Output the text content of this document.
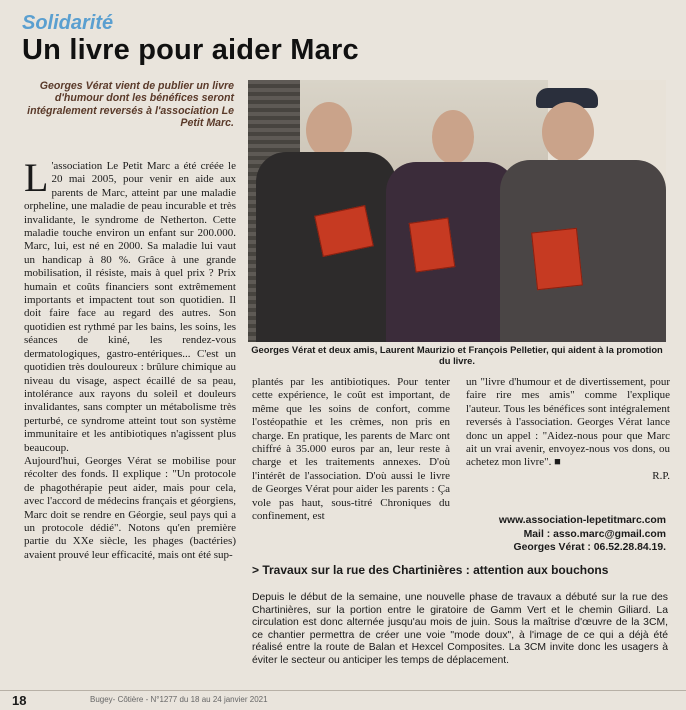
Solidarité
Un livre pour aider Marc
Georges Vérat vient de publier un livre d'humour dont les bénéfices seront intégralement reversés à l'association Le Petit Marc.
Georges Vérat et deux amis, Laurent Maurizio et François Pelletier, qui aident à la promotion du livre.
L 'association Le Petit Marc a été créée le 20 mai 2005, pour venir en aide aux parents de Marc, atteint par une maladie orpheline, une maladie de peau incurable et très invalidante, le syndrome de Netherton. Cette maladie touche environ un enfant sur 200.000. Marc, lui, est né en 2000. Sa maladie lui vaut un handicap à 80 %. Grâce à une grande mobilisation, il résiste, mais à quel prix ? Prix humain et coûts financiers sont extrêmement importants et impactent tout son quotidien. Il doit faire face au regard des autres. Son quotidien est rythmé par les bains, les soins, les séances de kiné, les rendez-vous dermatologiques, gastro-entériques... C'est un quotidien très douloureux : brûlure chimique au niveau du visage, aspect écaillé de sa peau, intolérance aux rayons du soleil et douleurs invalidantes, sans compter un métabolisme très perturbé, ce syndrome atteint tout son système immunitaire et les antibiotiques n'agissent plus beaucoup.

Aujourd'hui, Georges Vérat se mobilise pour récolter des fonds. Il explique : "Un protocole de phagothérapie peut aider, mais pour cela, avec l'accord de médecins français et géorgiens, Marc doit se rendre en Géorgie, seul pays qui a un protocole dédié". Notons qu'en première partie du XXe siècle, les phages (bactéries) avaient prouvé leur efficacité, mais ont été sup-

plantés par les antibiotiques. Pour tenter cette expérience, le coût est important, de même que les soins de confort, comme l'ostéopathie et les crèmes, non pris en charge. En pratique, les parents de Marc ont chiffré à 35.000 euros par an, leur reste à charge et les traitements annexes. D'où l'intérêt de l'association. D'où aussi le livre de Georges Vérat pour aider les parents : Ça vole pas haut, sous-titré Chroniques du confinement, est

un "livre d'humour et de divertissement, pour faire rire mes amis" comme l'explique l'auteur. Tous les bénéfices sont intégralement reversés à l'association. Georges Vérat lance donc un appel : "Aidez-nous pour que Marc ait un vrai avenir, envoyez-nous vos dons, ou achetez mon livre". ■

R.P.

www.association-lepetitmarc.com
Mail : asso.marc@gmail.com
Georges Vérat : 06.52.28.84.19.
> Travaux sur la rue des Chartinières : attention aux bouchons
Depuis le début de la semaine, une nouvelle phase de travaux a débuté sur la rue des Chartinières, sur la portion entre le giratoire de Gamm Vert et le chemin Giliard. La circulation est donc alternée jusqu'au mois de juin. Sous la maîtrise d'œuvre de la 3CM, ce chantier permettra de créer une voie "mode doux", à l'image de ce qui a déjà été réalisé entre la route de Balan et Hexcel Composites. La 3CM invite donc les usagers à éviter le secteur ou anticiper les temps de déplacement.
18	Bugey- Côtière - N°1277 du 18 au 24 janvier 2021
